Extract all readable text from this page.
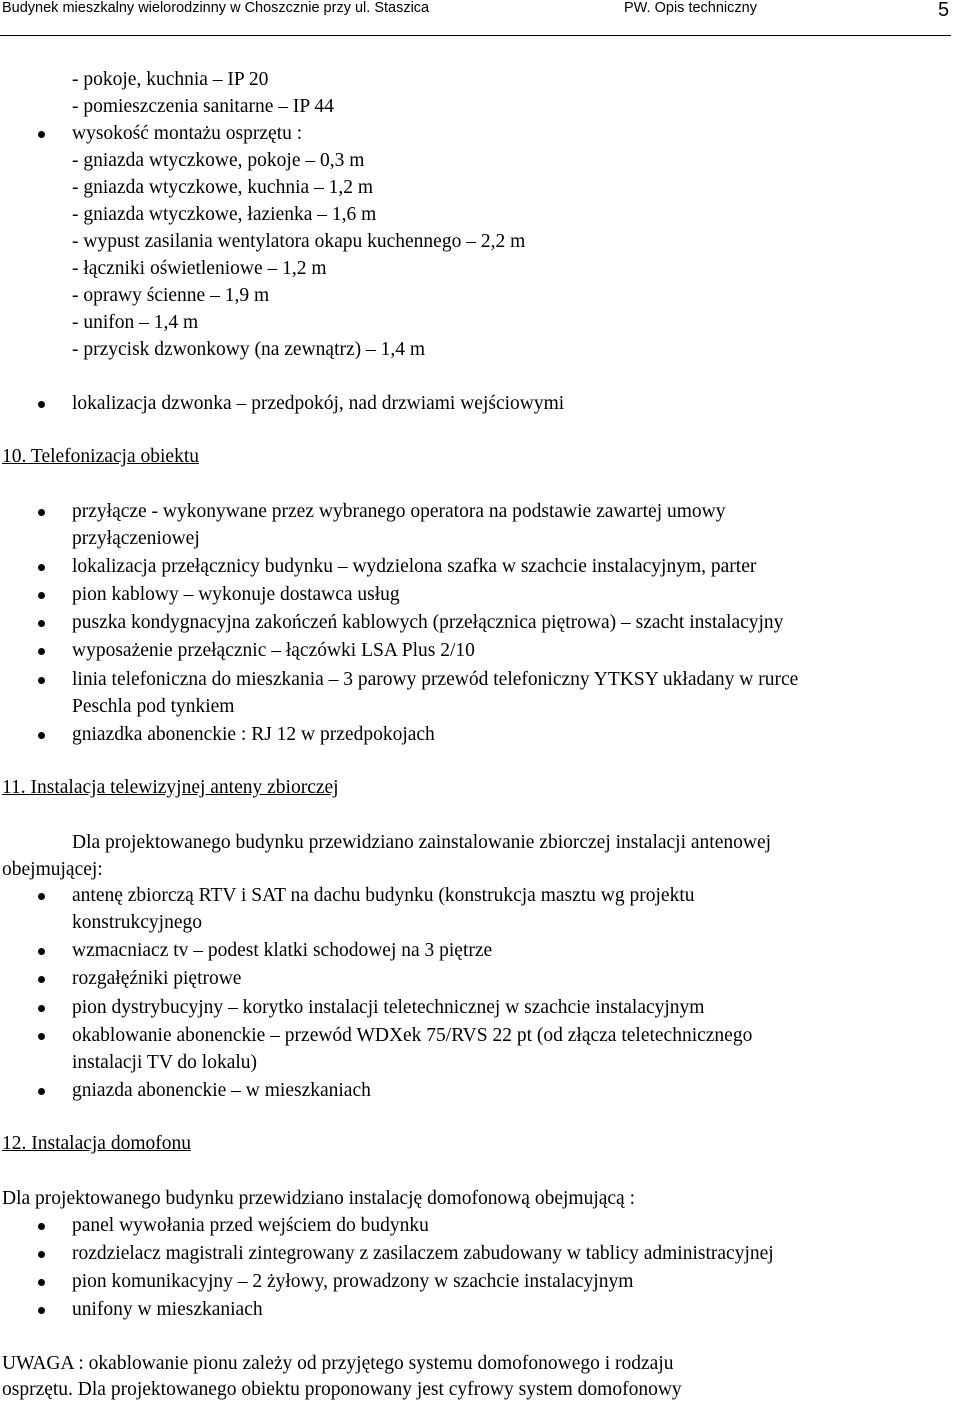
Budynek mieszkalny wielorodzinny w Choszcznie przy ul. Staszica	PW. Opis techniczny	5
- pokoje, kuchnia – IP 20
- pomieszczenia sanitarne – IP 44
wysokość montażu osprzętu :
- gniazda wtyczkowe, pokoje – 0,3 m
- gniazda wtyczkowe, kuchnia – 1,2 m
- gniazda wtyczkowe, łazienka – 1,6 m
- wypust zasilania wentylatora okapu kuchennego – 2,2 m
- łączniki oświetleniowe – 1,2 m
- oprawy ścienne – 1,9 m
- unifon – 1,4 m
- przycisk dzwonkowy (na zewnątrz) – 1,4 m
lokalizacja dzwonka – przedpokój, nad drzwiami wejściowymi
10. Telefonizacja obiektu
przyłącze - wykonywane przez wybranego operatora na podstawie zawartej umowy
przyłączeniowej
lokalizacja przełącznicy budynku – wydzielona szafka w szachcie instalacyjnym, parter
pion kablowy – wykonuje dostawca usług
puszka kondygnacyjna zakończeń kablowych (przełącznica piętrowa) – szacht instalacyjny
wyposażenie przełącznic – łączówki LSA Plus 2/10
linia telefoniczna do mieszkania – 3 parowy przewód telefoniczny YTKSY układany w rurce
Peschla pod tynkiem
gniazdka abonenckie : RJ 12 w przedpokojach
11. Instalacja telewizyjnej anteny zbiorczej
Dla projektowanego budynku przewidziano zainstalowanie zbiorczej instalacji antenowej
obejmującej:
antenę zbiorczą RTV i SAT na dachu budynku (konstrukcja masztu wg projektu
konstrukcyjnego
wzmacniacz tv – podest klatki schodowej na 3 piętrze
rozgałęźniki piętrowe
pion dystrybucyjny – korytko instalacji teletechnicznej w szachcie instalacyjnym
okablowanie abonenckie – przewód WDXek 75/RVS 22 pt (od złącza teletechnicznego
instalacji TV do lokalu)
gniazda abonenckie – w mieszkaniach
12. Instalacja domofonu
Dla projektowanego budynku przewidziano instalację domofonową obejmującą :
panel wywołania przed wejściem do budynku
rozdzielacz magistrali zintegrowany z zasilaczem zabudowany w tablicy administracyjnej
pion komunikacyjny – 2 żyłowy, prowadzony w szachcie instalacyjnym
unifony w mieszkaniach
UWAGA : okablowanie pionu zależy od przyjętego systemu domofonowego i rodzaju
osprzętu. Dla projektowanego obiektu proponowany jest cyfrowy system domofonowy
